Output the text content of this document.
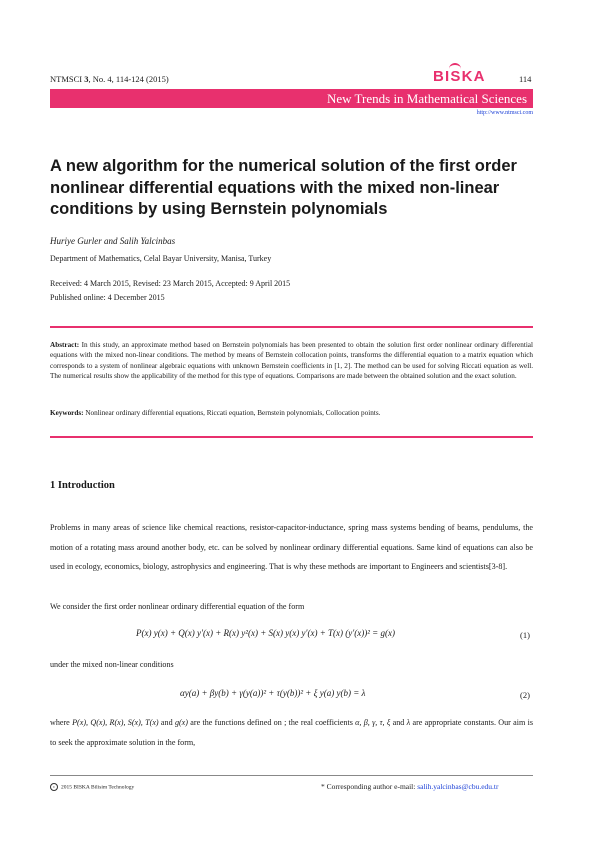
NTMSCI 3, No. 4, 114-124 (2015)	BISKA	114
New Trends in Mathematical Sciences
http://www.ntmsci.com
A new algorithm for the numerical solution of the first order nonlinear differential equations with the mixed non-linear conditions by using Bernstein polynomials
Huriye Gurler and Salih Yalcinbas
Department of Mathematics, Celal Bayar University, Manisa, Turkey
Received: 4 March 2015, Revised: 23 March 2015, Accepted: 9 April 2015
Published online: 4 December 2015
Abstract: In this study, an approximate method based on Bernstein polynomials has been presented to obtain the solution first order nonlinear ordinary differential equations with the mixed non-linear conditions. The method by means of Bernstein collocation points, transforms the differential equation to a matrix equation which corresponds to a system of nonlinear algebraic equations with unknown Bernstein coefficients in [1, 2]. The method can be used for solving Riccati equation as well. The numerical results show the applicability of the method for this type of equations. Comparisons are made between the obtained solution and the exact solution.
Keywords: Nonlinear ordinary differential equations, Riccati equation, Bernstein polynomials, Collocation points.
1 Introduction
Problems in many areas of science like chemical reactions, resistor-capacitor-inductance, spring mass systems bending of beams, pendulums, the motion of a rotating mass around another body, etc. can be solved by nonlinear ordinary differential equations. Same kind of equations can also be used in ecology, economics, biology, astrophysics and engineering. That is why these methods are important to Engineers and scientists[3-8].
We consider the first order nonlinear ordinary differential equation of the form
P(x) y(x) + Q(x) y′(x) + R(x) y²(x) + S(x) y(x) y′(x) + T(x) (y′(x))² = g(x)	(1)
under the mixed non-linear conditions
αy(a) + βy(b) + γ(y(a))² + τ(y(b))² + ξ y(a) y(b) = λ	(2)
where P(x), Q(x), R(x), S(x), T(x) and g(x) are the functions defined on ; the real coefficients α, β, γ, τ, ξ and λ are appropriate constants. Our aim is to seek the approximate solution in the form,
c 2015 BISKA Bilisim Technology	* Corresponding author e-mail: salih.yalcinbas@cbu.edu.tr
